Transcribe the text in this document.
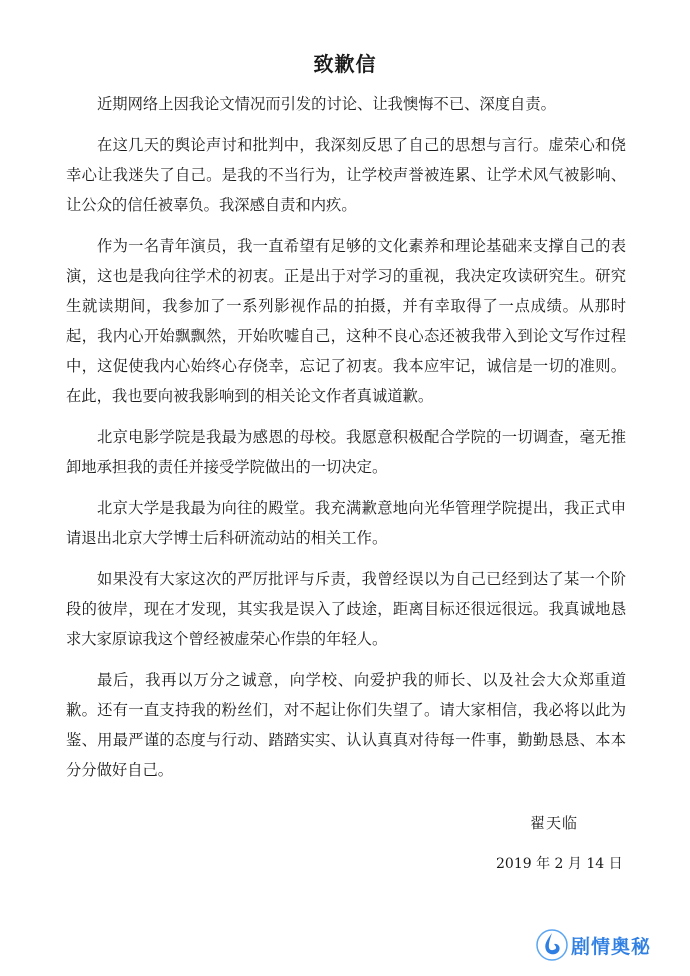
致歉信

近期网络上因我论文情况而引发的讨论、让我懊悔不已、深度自责。

在这几天的舆论声讨和批判中，我深刻反思了自己的思想与言行。虚荣心和侥幸心让我迷失了自己。是我的不当行为，让学校声誉被连累、让学术风气被影响、让公众的信任被辜负。我深感自责和内疚。

作为一名青年演员，我一直希望有足够的文化素养和理论基础来支撑自己的表演，这也是我向往学术的初衷。正是出于对学习的重视，我决定攻读研究生。研究生就读期间，我参加了一系列影视作品的拍摄，并有幸取得了一点成绩。从那时起，我内心开始飘飘然，开始吹嘘自己，这种不良心态还被我带入到论文写作过程中，这促使我内心始终心存侥幸，忘记了初衷。我本应牢记，诚信是一切的准则。在此，我也要向被我影响到的相关论文作者真诚道歉。

北京电影学院是我最为感恩的母校。我愿意积极配合学院的一切调查，毫无推卸地承担我的责任并接受学院做出的一切决定。

北京大学是我最为向往的殿堂。我充满歉意地向光华管理学院提出，我正式申请退出北京大学博士后科研流动站的相关工作。

如果没有大家这次的严厉批评与斥责，我曾经误以为自己已经到达了某一个阶段的彼岸，现在才发现，其实我是误入了歧途，距离目标还很远很远。我真诚地恳求大家原谅我这个曾经被虚荣心作祟的年轻人。

最后，我再以万分之诚意，向学校、向爱护我的师长、以及社会大众郑重道歉。还有一直支持我的粉丝们，对不起让你们失望了。请大家相信，我必将以此为鉴、用最严谨的态度与行动、踏踏实实、认认真真对待每一件事，勤勤恳恳、本本分分做好自己。

翟天临
2019 年 2 月 14 日
剧情奥秘
